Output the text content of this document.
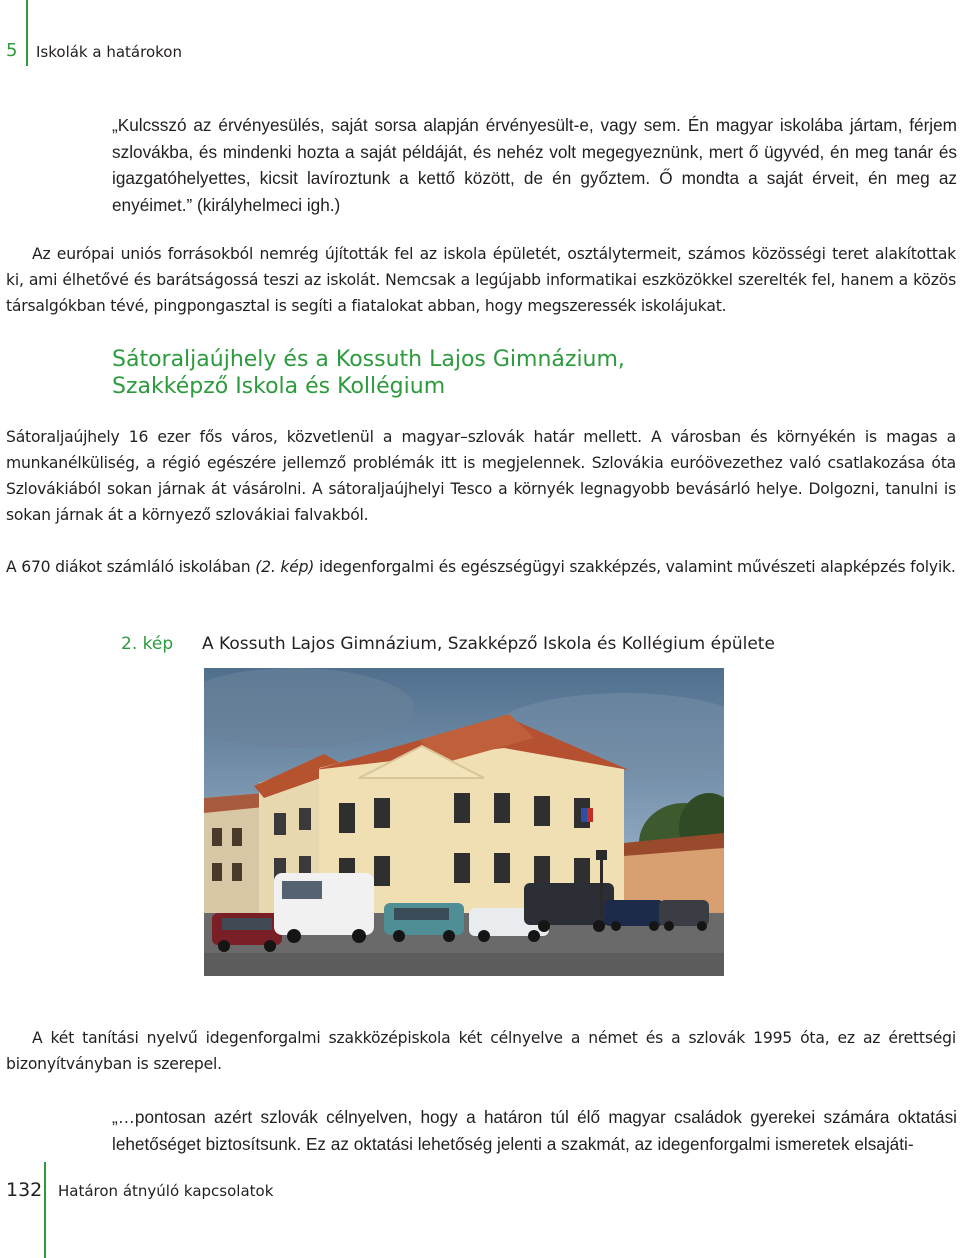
5 Iskolák a határokon
„Kulcsszó az érvényesülés, saját sorsa alapján érvényesült-e, vagy sem. Én magyar iskolába jártam, férjem szlovákba, és mindenki hozta a saját példáját, és nehéz volt megegyeznünk, mert ő ügyvéd, én meg tanár és igazgatóhelyettes, kicsit lavíroztunk a kettő között, de én győztem. Ő mondta a saját érveit, én meg az enyéimet.” (királyhelmeci igh.)

Az európai uniós forrásokból nemrég újították fel az iskola épületét, osztálytermeit, számos közösségi teret alakítottak ki, ami élhetővé és barátságossá teszi az iskolát. Nemcsak a legújabb informatikai eszközökkel szerelték fel, hanem a közös társalgókban tévé, pingpongasztal is segíti a fiatalokat abban, hogy megszeressék iskolájukat.

Sátoraljaújhely és a Kossuth Lajos Gimnázium,
Szakképző Iskola és Kollégium

Sátoraljaújhely 16 ezer fős város, közvetlenül a magyar–szlovák határ mellett. A városban és környékén is magas a munkanélküliség, a régió egészére jellemző problémák itt is megjelennek. Szlovákia euróövezethez való csatlakozása óta Szlovákiából sokan járnak át vásárolni. A sátoraljaújhelyi Tesco a környék legnagyobb bevásárló helye. Dolgozni, tanulni is sokan járnak át a környező szlovákiai falvakból.

A 670 diákot számláló iskolában (2. kép) idegenforgalmi és egészségügyi szakképzés, valamint művészeti alapképzés folyik.

2. kép A Kossuth Lajos Gimnázium, Szakképző Iskola és Kollégium épülete

A két tanítási nyelvű idegenforgalmi szakközépiskola két célnyelve a német és a szlovák 1995 óta, ez az érettségi bizonyítványban is szerepel.

„…pontosan azért szlovák célnyelven, hogy a határon túl élő magyar családok gyerekei számára oktatási lehetőséget biztosítsunk. Ez az oktatási lehetőség jelenti a szakmát, az idegenforgalmi ismeretek elsajáti-
132 Határon átnyúló kapcsolatok
